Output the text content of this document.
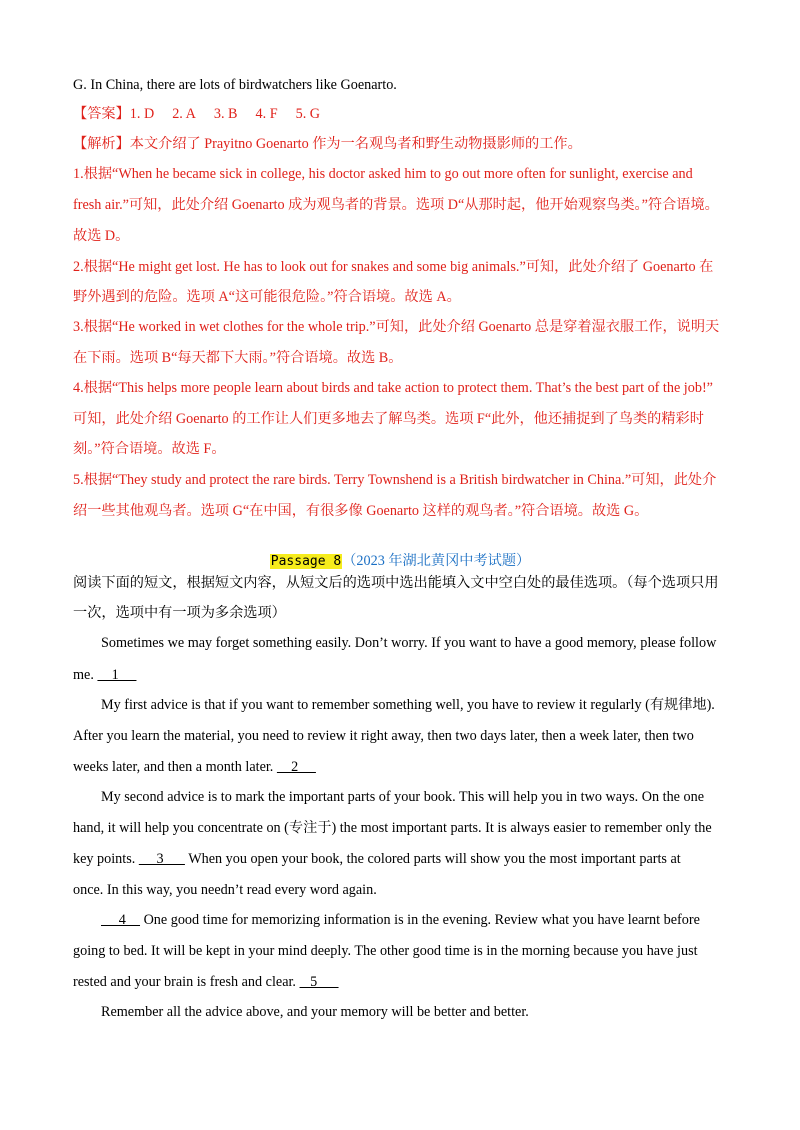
G. In China, there are lots of birdwatchers like Goenarto.
【答案】1. D 2. A 3. B 4. F 5. G
【解析】本文介绍了 Prayitno Goenarto 作为一名观鸟者和野生动物摄影师的工作。
1.根据“When he became sick in college, his doctor asked him to go out more often for sunlight, exercise and
fresh air.”可知，此处介绍 Goenarto 成为观鸟者的背景。选项 D“从那时起，他开始观察鸟类。”符合语境。
故选 D。
2.根据“He might get lost. He has to look out for snakes and some big animals.”可知，此处介绍了 Goenarto 在
野外遇到的危险。选项 A“这可能很危险。”符合语境。故选 A。
3.根据“He worked in wet clothes for the whole trip.”可知，此处介绍 Goenarto 总是穿着湿衣服工作，说明天
在下雨。选项 B“每天都下大雨。”符合语境。故选 B。
4.根据“This helps more people learn about birds and take action to protect them. That’s the best part of the job!”
可知，此处介绍 Goenarto 的工作让人们更多地去了解鸟类。选项 F“此外，他还捕捉到了鸟类的精彩时
刻。”符合语境。故选 F。
5.根据“They study and protect the rare birds. Terry Townshend is a British birdwatcher in China.”可知，此处介
绍一些其他观鸟者。选项 G“在中国，有很多像 Goenarto 这样的观鸟者。”符合语境。故选 G。
Passage 8（2023 年湖北黄冈中考试题）
阅读下面的短文，根据短文内容，从短文后的选项中选出能填入文中空白处的最佳选项。（每个选项只用
一次，选项中有一项为多余选项）
Sometimes we may forget something easily. Don’t worry. If you want to have a good memory, please follow
me.     1
My first advice is that if you want to remember something well, you have to review it regularly (有规律地).
After you learn the material, you need to review it right away, then two days later, then a week later, then two
weeks later, and then a month later.     2
My second advice is to mark the important parts of your book. This will help you in two ways. On the one
hand, it will help you concentrate on (专注于) the most important parts. It is always easier to remember only the
key points.      3       When you open your book, the colored parts will show you the most important parts at
once. In this way, you needn’t read every word again.
4     One good time for memorizing information is in the evening. Review what you have learnt before
going to bed. It will be kept in your mind deeply. The other good time is in the morning because you have just
rested and your brain is fresh and clear.    5
Remember all the advice above, and your memory will be better and better.
